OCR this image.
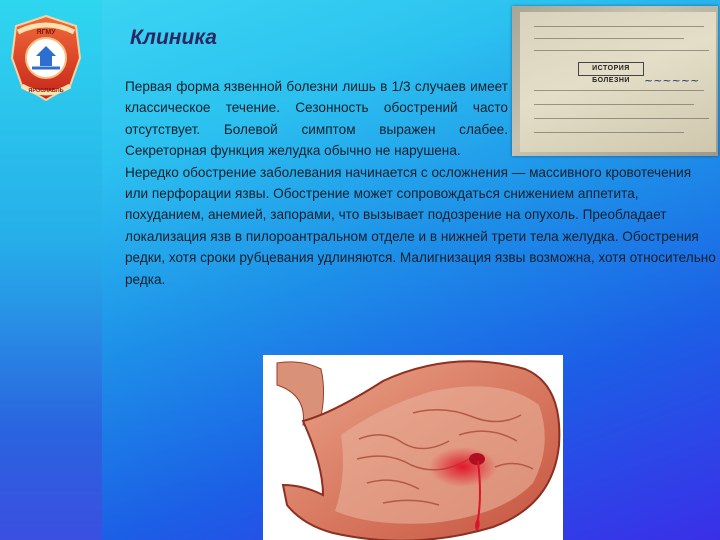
ЯГМУ
ЯРОСЛАВЛЬ
Клиника
ИСТОРИЯ БОЛЕЗНИ	~~~~~~

Первая форма язвенной болезни лишь в 1/3 случаев имеет классическое течение. Сезонность обострений часто отсутствует. Болевой симптом выражен слабее. Секреторная функция желудка обычно не нарушена.

Нередко обострение заболевания начинается с осложнения — массивного кровотечения или перфорации язвы. Обострение может сопровождаться снижением аппетита, похуданием, анемией, запорами, что вызывает подозрение на опухоль. Преобладает локализация язв в пилороантральном отделе и в нижней трети тела желудка. Обострения редки, хотя сроки рубцевания удлиняются. Малигнизация язвы возможна, хотя относительно редка.
